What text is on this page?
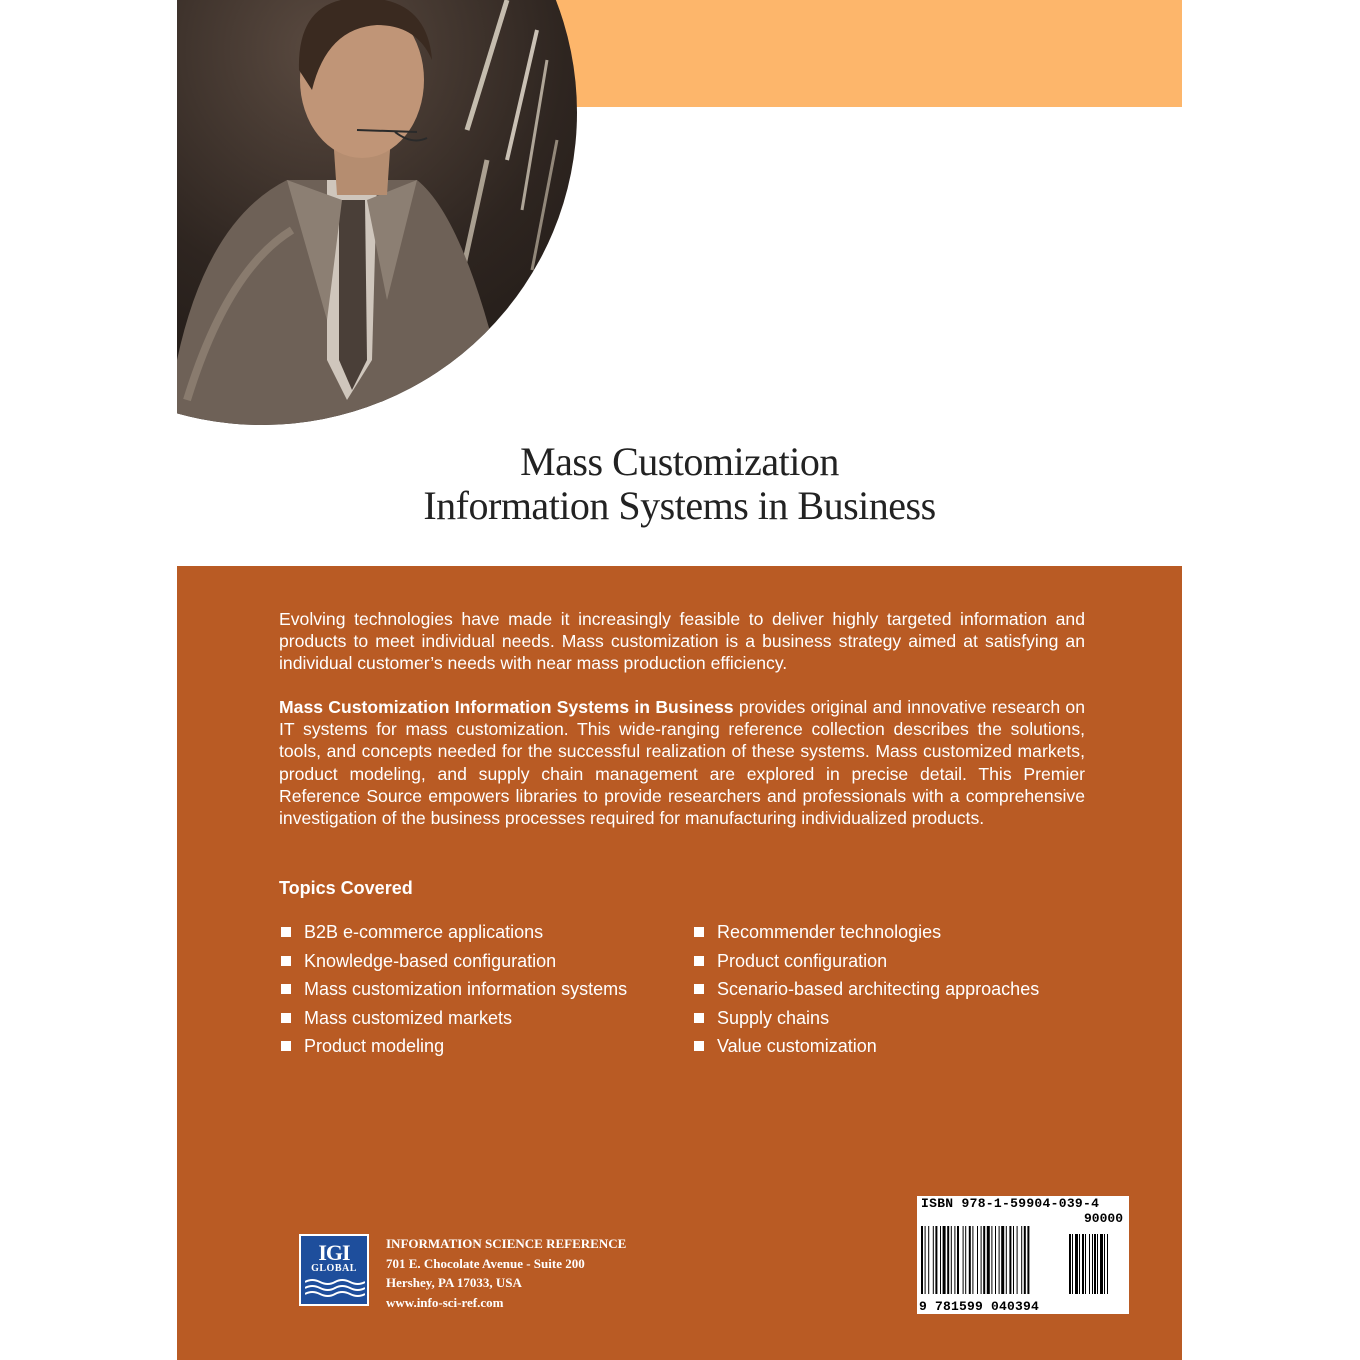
Mass Customization
Information Systems in Business
Evolving technologies have made it increasingly feasible to deliver highly targeted information and products to meet individual needs. Mass customization is a business strategy aimed at satisfying an individual customer’s needs with near mass production efficiency.
Mass Customization Information Systems in Business provides original and innovative research on IT systems for mass customization. This wide-ranging reference collection describes the solutions, tools, and concepts needed for the successful realization of these systems. Mass customized markets, product modeling, and supply chain management are explored in precise detail. This Premier Reference Source empowers libraries to provide researchers and professionals with a comprehensive investigation of the business processes required for manufacturing individualized products.
Topics Covered
B2B e-commerce applications
Knowledge-based configuration
Mass customization information systems
Mass customized markets
Product modeling
Recommender technologies
Product configuration
Scenario-based architecting approaches
Supply chains
Value customization
IGI
GLOBAL
INFORMATION SCIENCE REFERENCE
701 E. Chocolate Avenue - Suite 200
Hershey, PA 17033, USA
www.info-sci-ref.com
ISBN 978-1-59904-039-4
90000
9 781599 040394
